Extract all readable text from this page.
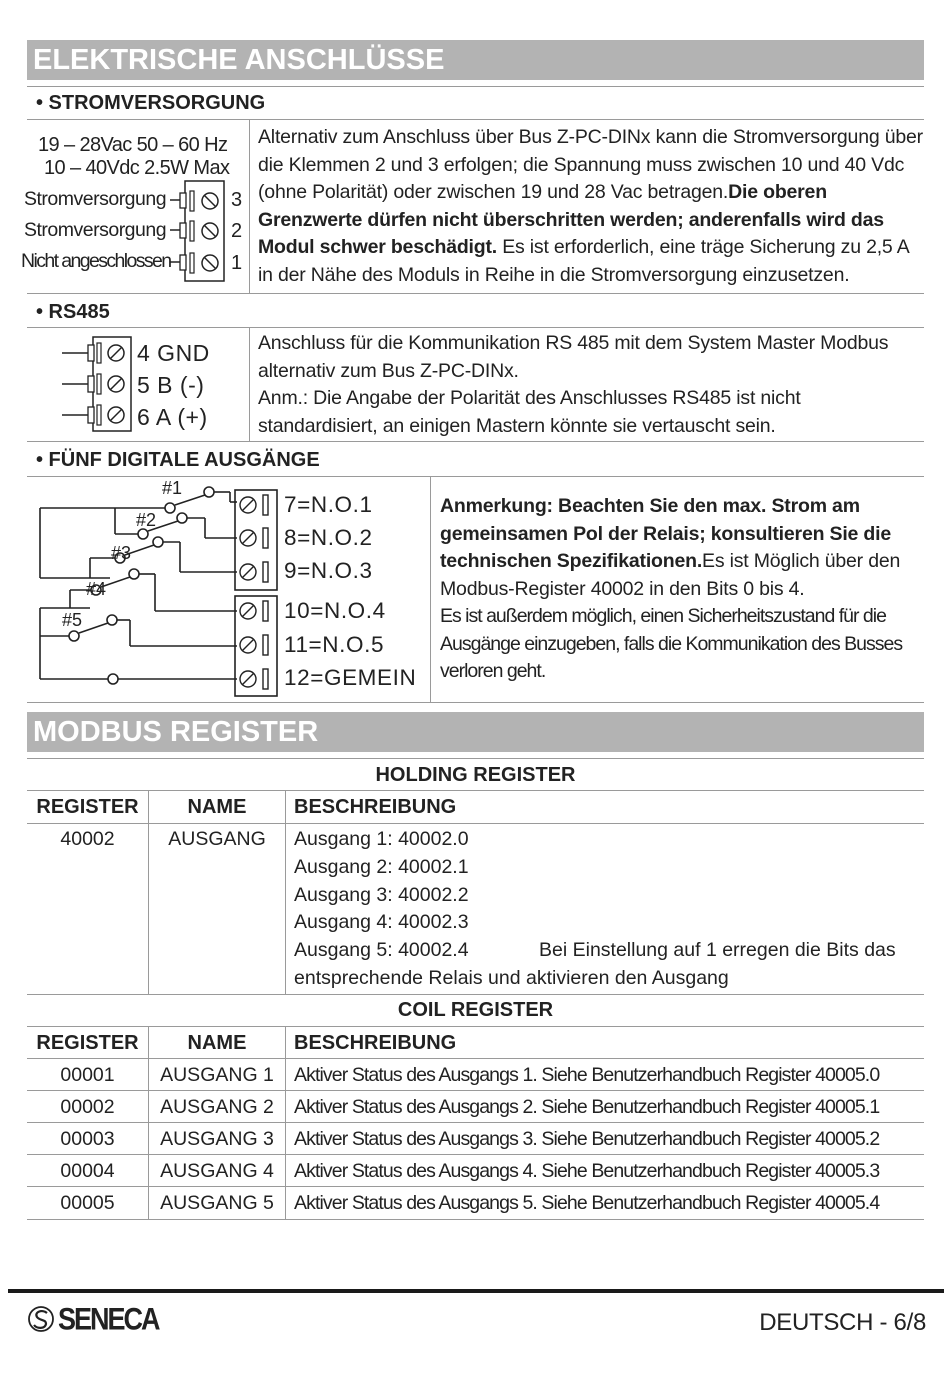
ELEKTRISCHE ANSCHLÜSSE
• STROMVERSORGUNG
19 – 28Vac 50 – 60 Hz
10 – 40Vdc 2.5W Max
Stromversorgung
Stromversorgung
Nicht angeschlossen
3
2
1
Alternativ zum Anschluss über Bus Z-PC-DINx kann die Stromversorgung über die Klemmen 2 und 3 erfolgen; die Spannung muss zwischen 10 und 40 Vdc (ohne Polarität) oder zwischen 19 und 28 Vac betragen.Die oberen Grenzwerte dürfen nicht überschritten werden; anderenfalls wird das Modul schwer beschädigt. Es ist erforderlich, eine träge Sicherung zu 2,5 A in der Nähe des Moduls in Reihe in die Stromversorgung einzusetzen.
• RS485
4 GND
5 B (-)
6 A (+)
Anschluss für die Kommunikation RS 485 mit dem System Master Modbus alternativ zum Bus Z-PC-DINx.
Anm.: Die Angabe der Polarität des Anschlusses RS485 ist nicht standardisiert, an einigen Mastern könnte sie vertauscht sein.
• FÜNF DIGITALE AUSGÄNGE
#1
#2
#3
#4
#5
7=N.O.1
8=N.O.2
9=N.O.3
10=N.O.4
11=N.O.5
12=GEMEIN
Anmerkung: Beachten Sie den max. Strom am gemeinsamen Pol der Relais; konsultieren Sie die technischen Spezifikationen.Es ist Möglich über den Modbus-Register 40002 in den Bits 0 bis 4.
Es ist außerdem möglich, einen Sicherheitszustand für die Ausgänge einzugeben, falls die Kommunikation des Busses verloren geht.
MODBUS REGISTER
HOLDING REGISTER
REGISTER	NAME	BESCHREIBUNG
40002	AUSGANG	Ausgang 1: 40002.0
Ausgang 2: 40002.1
Ausgang 3: 40002.2
Ausgang 4: 40002.3
Ausgang 5: 40002.4	Bei Einstellung auf 1 erregen die Bits das
entsprechende Relais und aktivieren den Ausgang
COIL REGISTER
REGISTER	NAME	BESCHREIBUNG
00001	AUSGANG 1	Aktiver Status des Ausgangs 1. Siehe Benutzerhandbuch Register 40005.0
00002	AUSGANG 2	Aktiver Status des Ausgangs 2. Siehe Benutzerhandbuch Register 40005.1
00003	AUSGANG 3	Aktiver Status des Ausgangs 3. Siehe Benutzerhandbuch Register 40005.2
00004	AUSGANG 4	Aktiver Status des Ausgangs 4. Siehe Benutzerhandbuch Register 40005.3
00005	AUSGANG 5	Aktiver Status des Ausgangs 5. Siehe Benutzerhandbuch Register 40005.4
SENECA	DEUTSCH - 6/8
